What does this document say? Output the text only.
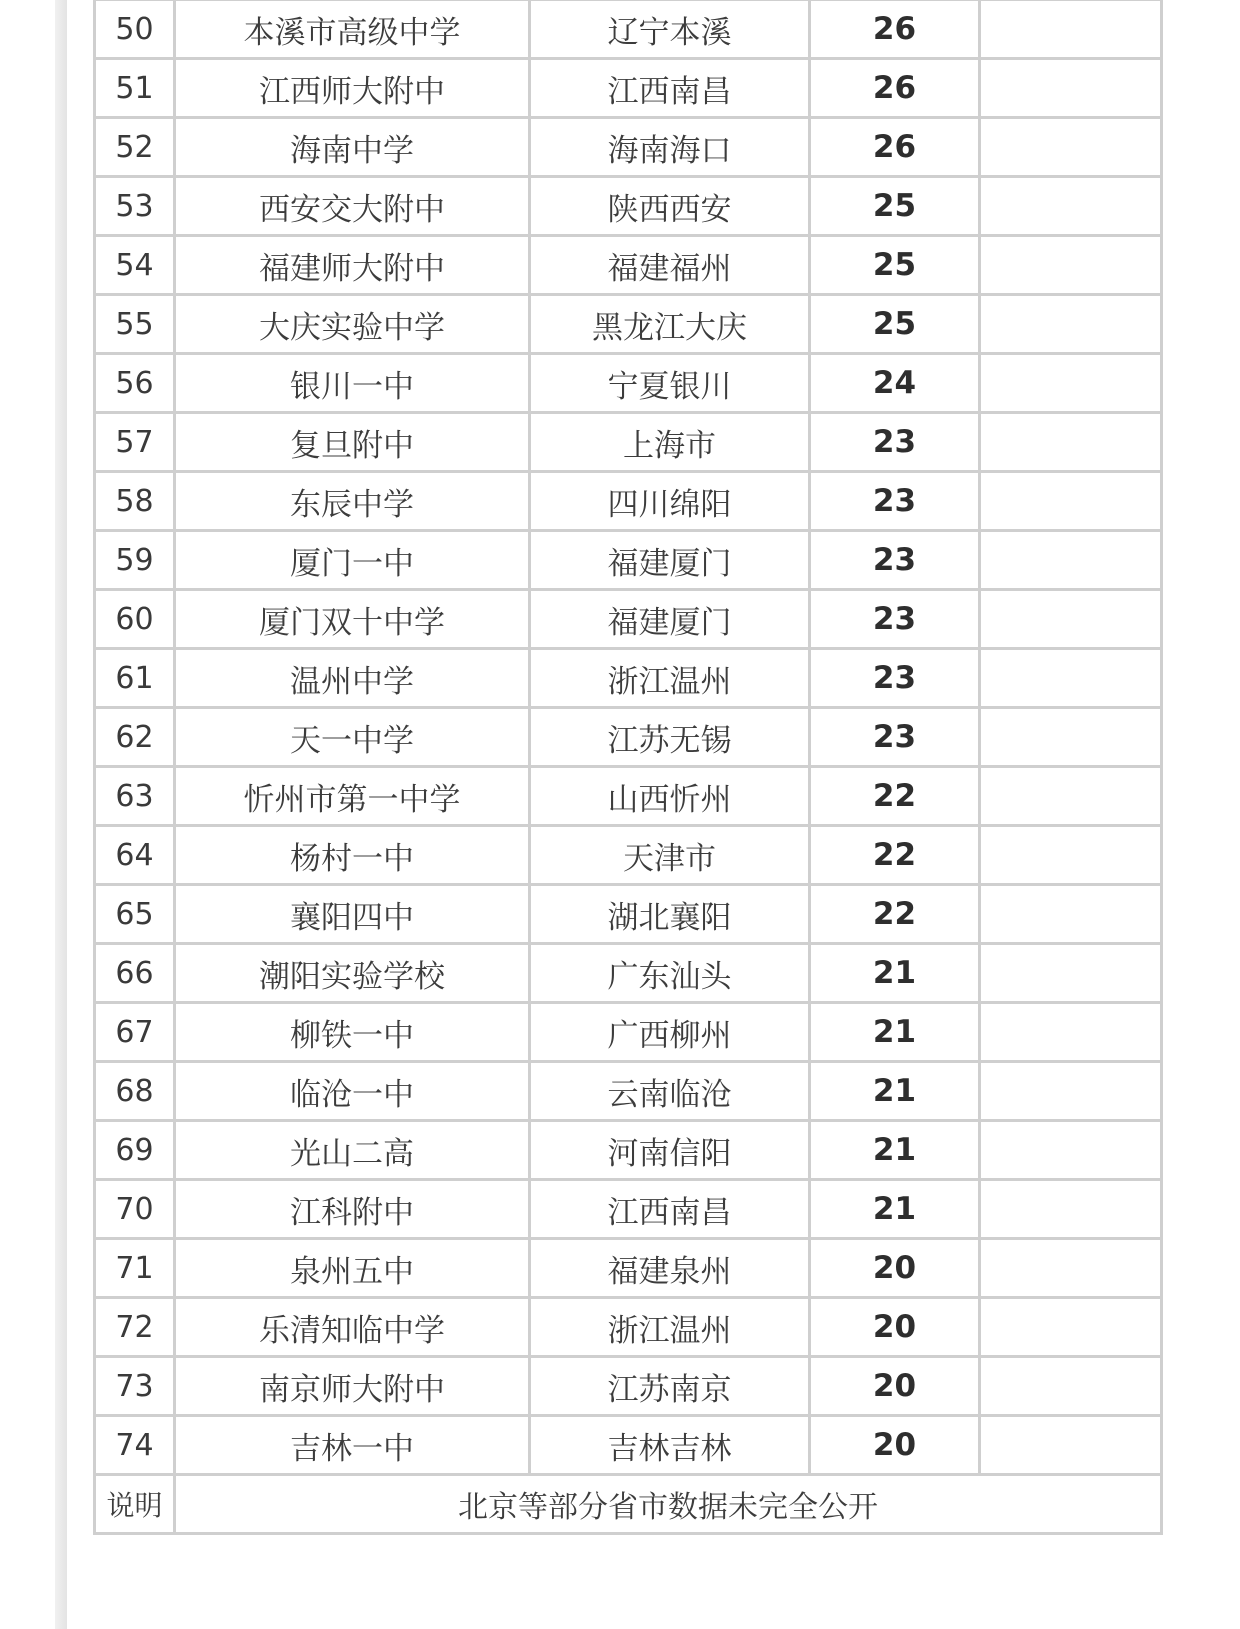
50	本溪市高级中学	辽宁本溪	26	
51	江西师大附中	江西南昌	26	
52	海南中学	海南海口	26	
53	西安交大附中	陕西西安	25	
54	福建师大附中	福建福州	25	
55	大庆实验中学	黑龙江大庆	25	
56	银川一中	宁夏银川	24	
57	复旦附中	上海市	23	
58	东辰中学	四川绵阳	23	
59	厦门一中	福建厦门	23	
60	厦门双十中学	福建厦门	23	
61	温州中学	浙江温州	23	
62	天一中学	江苏无锡	23	
63	忻州市第一中学	山西忻州	22	
64	杨村一中	天津市	22	
65	襄阳四中	湖北襄阳	22	
66	潮阳实验学校	广东汕头	21	
67	柳铁一中	广西柳州	21	
68	临沧一中	云南临沧	21	
69	光山二高	河南信阳	21	
70	江科附中	江西南昌	21	
71	泉州五中	福建泉州	20	
72	乐清知临中学	浙江温州	20	
73	南京师大附中	江苏南京	20	
74	吉林一中	吉林吉林	20	
说明	北京等部分省市数据未完全公开			
